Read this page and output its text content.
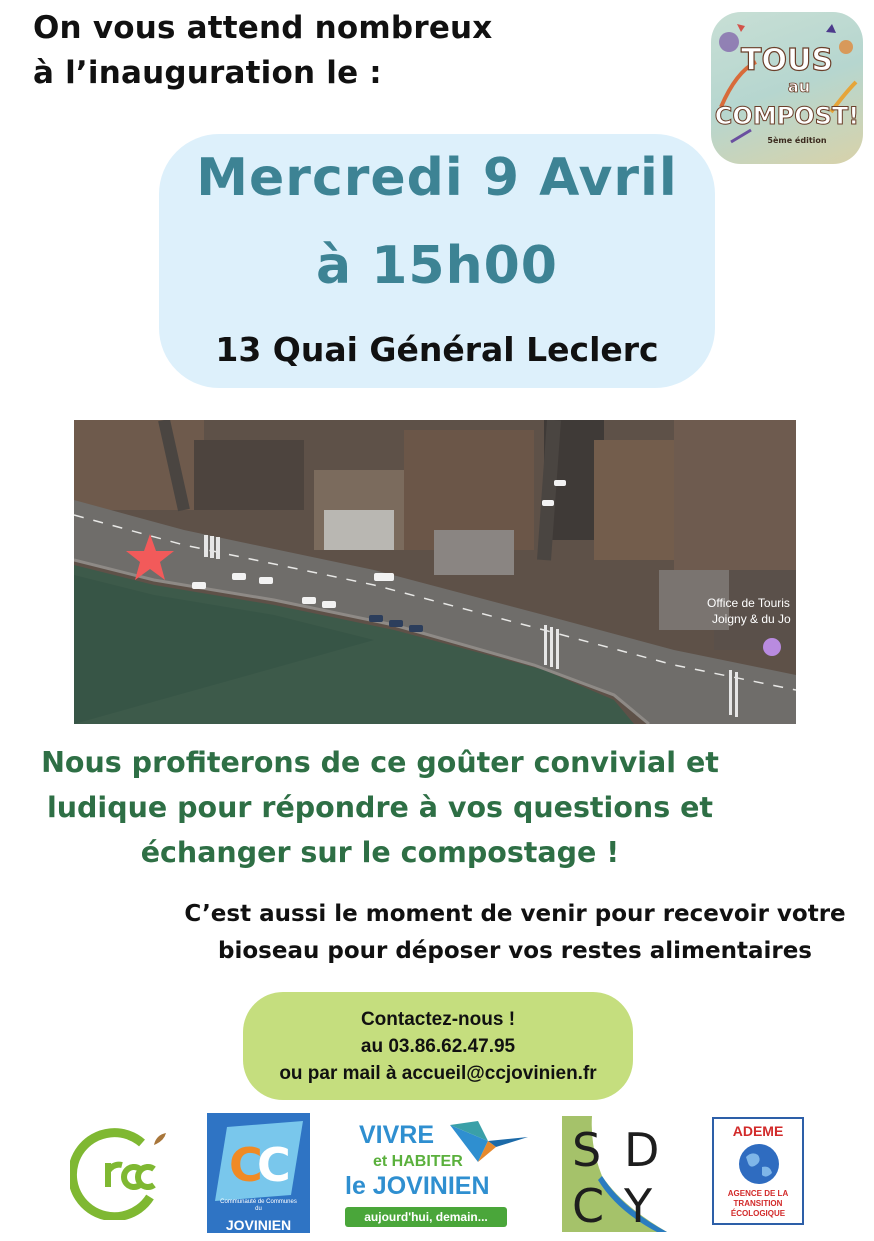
On vous attend nombreux
à l’inauguration le :	TOUS
au
COMPOST!
5ème édition
Mercredi 9 Avril
à 15h00
13 Quai Général Leclerc
Office de Touris
Joigny & du Jo
Nous profiterons de ce goûter convivial et
ludique pour répondre à vos questions et
échanger sur le compostage !
C’est aussi le moment de venir pour recevoir votre
bioseau pour déposer vos restes alimentaires
Contactez-nous !
au 03.86.62.47.95
ou par mail à accueil@ccjovinien.fr
C
C
Communauté de Communes
du
JOVINIEN
VIVRE
et HABITER
le JOVINIEN
aujourd'hui, demain...
S D
C Y
ADEME
AGENCE DE LA
TRANSITION
ÉCOLOGIQUE
